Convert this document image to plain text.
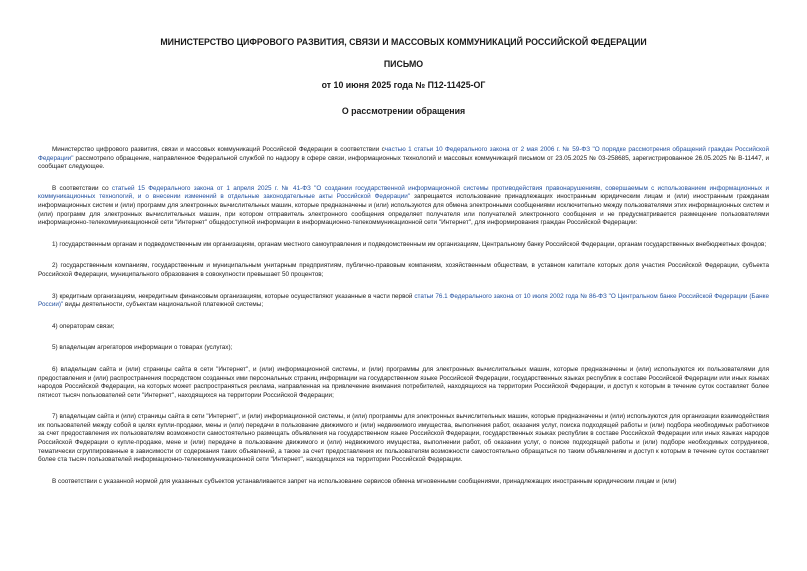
МИНИСТЕРСТВО ЦИФРОВОГО РАЗВИТИЯ, СВЯЗИ И МАССОВЫХ КОММУНИКАЦИЙ РОССИЙСКОЙ ФЕДЕРАЦИИ
ПИСЬМО
от 10 июня 2025 года № П12-11425-ОГ
О рассмотрении обращения

Министерство цифрового развития, связи и массовых коммуникаций Российской Федерации в соответствии счастью 1 статьи 10 Федерального закона от 2 мая 2006 г. № 59-ФЗ "О порядке рассмотрения обращений граждан Российской Федерации" рассмотрело обращение, направленное Федеральной службой по надзору в сфере связи, информационных технологий и массовых коммуникаций письмом от 23.05.2025 № 03-258685, зарегистрированное 26.05.2025 № В-11447, и сообщает следующее.

В соответствии со статьей 15 Федерального закона от 1 апреля 2025 г. № 41-ФЗ "О создании государственной информационной системы противодействия правонарушениям, совершаемым с использованием информационных и коммуникационных технологий, и о внесении изменений в отдельные законодательные акты Российской Федерации" запрещается использование принадлежащих иностранным юридическим лицам и (или) иностранным гражданам информационных систем и (или) программ для электронных вычислительных машин, которые предназначены и (или) используются для обмена электронными сообщениями исключительно между пользователями этих информационных систем и (или) программ для электронных вычислительных машин, при котором отправитель электронного сообщения определяет получателя или получателей электронного сообщения и не предусматривается размещение пользователями информационно-телекоммуникационной сети "Интернет" общедоступной информации в информационно-телекоммуникационной сети "Интернет", для информирования граждан Российской Федерации:

1) государственным органам и подведомственным им организациям, органам местного самоуправления и подведомственным им организациям, Центральному банку Российской Федерации, органам государственных внебюджетных фондов;

2) государственным компаниям, государственным и муниципальным унитарным предприятиям, публично-правовым компаниям, хозяйственным обществам, в уставном капитале которых доля участия Российской Федерации, субъекта Российской Федерации, муниципального образования в совокупности превышает 50 процентов;

3) кредитным организациям, некредитным финансовым организациям, которые осуществляют указанные в части первой статьи 76.1 Федерального закона от 10 июля 2002 года № 86-ФЗ "О Центральном банке Российской Федерации (Банке России)" виды деятельности, субъектам национальной платежной системы;

4) операторам связи;

5) владельцам агрегаторов информации о товарах (услугах);

6) владельцам сайта и (или) страницы сайта в сети "Интернет", и (или) информационной системы, и (или) программы для электронных вычислительных машин, которые предназначены и (или) используются их пользователями для предоставления и (или) распространения посредством созданных ими персональных страниц информации на государственном языке Российской Федерации, государственных языках республик в составе Российской Федерации или иных языках народов Российской Федерации, на которых может распространяться реклама, направленная на привлечение внимания потребителей, находящихся на территории Российской Федерации, и доступ к которым в течение суток составляет более пятисот тысяч пользователей сети "Интернет", находящихся на территории Российской Федерации;

7) владельцам сайта и (или) страницы сайта в сети "Интернет", и (или) информационной системы, и (или) программы для электронных вычислительных машин, которые предназначены и (или) используются для организации взаимодействия их пользователей между собой в целях купли-продажи, мены и (или) передачи в пользование движимого и (или) недвижимого имущества, выполнения работ, оказания услуг, поиска подходящей работы и (или) подбора необходимых работников за счет предоставления их пользователям возможности самостоятельно размещать объявления на государственном языке Российской Федерации, государственных языках республик в составе Российской Федерации или иных языках народов Российской Федерации о купле-продаже, мене и (или) передаче в пользование движимого и (или) недвижимого имущества, выполнении работ, об оказании услуг, о поиске подходящей работы и (или) подборе необходимых сотрудников, тематически сгруппированные в зависимости от содержания таких объявлений, а также за счет предоставления их пользователям возможности самостоятельно обращаться по таким объявлениям и доступ к которым в течение суток составляет более ста тысяч пользователей информационно-телекоммуникационной сети "Интернет", находящихся на территории Российской Федерации.

В соответствии с указанной нормой для указанных субъектов устанавливается запрет на использование сервисов обмена мгновенными сообщениями, принадлежащих иностранным юридическим лицам и (или)
